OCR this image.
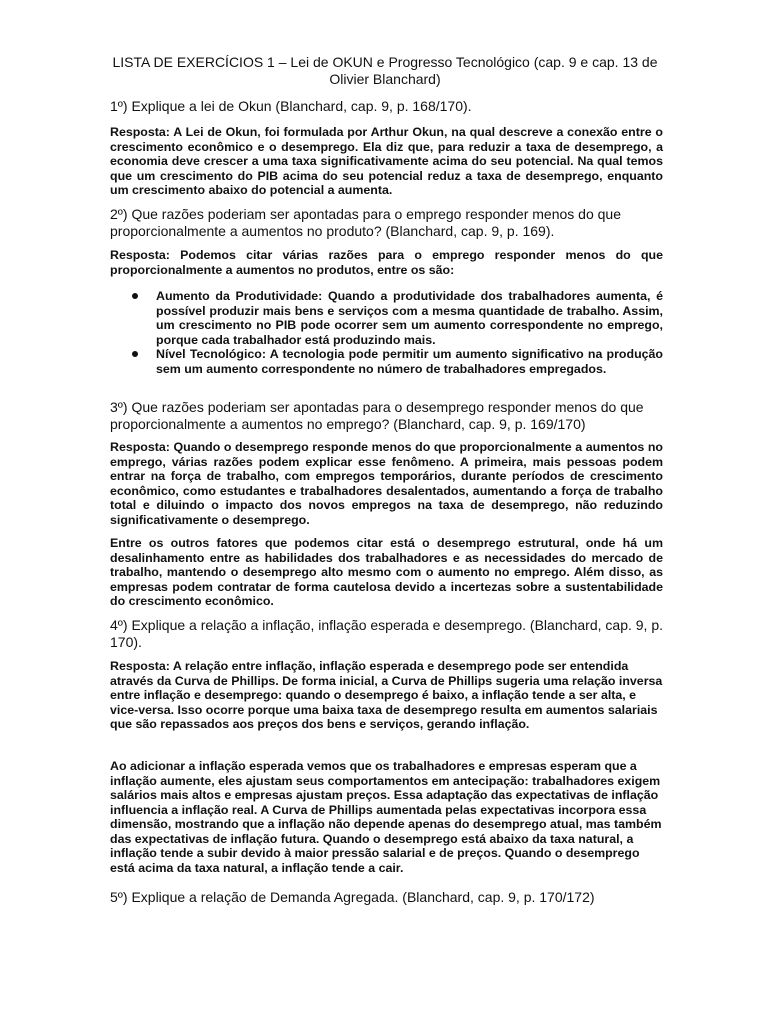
LISTA DE EXERCÍCIOS 1 – Lei de OKUN e Progresso Tecnológico (cap. 9 e cap. 13 de Olivier Blanchard)
1º) Explique a lei de Okun (Blanchard, cap. 9, p. 168/170).
Resposta: A Lei de Okun, foi formulada por Arthur Okun, na qual descreve a conexão entre o crescimento econômico e o desemprego. Ela diz que, para reduzir a taxa de desemprego, a economia deve crescer a uma taxa significativamente acima do seu potencial. Na qual temos que um crescimento do PIB acima do seu potencial reduz a taxa de desemprego, enquanto um crescimento abaixo do potencial a aumenta.
2º) Que razões poderiam ser apontadas para o emprego responder menos do que proporcionalmente a aumentos no produto? (Blanchard, cap. 9, p. 169).
Resposta: Podemos citar várias razões para o emprego responder menos do que proporcionalmente a aumentos no produtos, entre os são:
Aumento da Produtividade: Quando a produtividade dos trabalhadores aumenta, é possível produzir mais bens e serviços com a mesma quantidade de trabalho. Assim, um crescimento no PIB pode ocorrer sem um aumento correspondente no emprego, porque cada trabalhador está produzindo mais.
Nível Tecnológico: A tecnologia pode permitir um aumento significativo na produção sem um aumento correspondente no número de trabalhadores empregados.
3º) Que razões poderiam ser apontadas para o desemprego responder menos do que proporcionalmente a aumentos no emprego? (Blanchard, cap. 9, p. 169/170)
Resposta: Quando o desemprego responde menos do que proporcionalmente a aumentos no emprego, várias razões podem explicar esse fenômeno. A primeira, mais pessoas podem entrar na força de trabalho, com empregos temporários, durante períodos de crescimento econômico, como estudantes e trabalhadores desalentados, aumentando a força de trabalho total e diluindo o impacto dos novos empregos na taxa de desemprego, não reduzindo significativamente o desemprego.
Entre os outros fatores que podemos citar está o desemprego estrutural, onde há um desalinhamento entre as habilidades dos trabalhadores e as necessidades do mercado de trabalho, mantendo o desemprego alto mesmo com o aumento no emprego. Além disso, as empresas podem contratar de forma cautelosa devido a incertezas sobre a sustentabilidade do crescimento econômico.
4º) Explique a relação a inflação, inflação esperada e desemprego. (Blanchard, cap. 9, p. 170).
Resposta: A relação entre inflação, inflação esperada e desemprego pode ser entendida através da Curva de Phillips. De forma inicial, a Curva de Phillips sugeria uma relação inversa entre inflação e desemprego: quando o desemprego é baixo, a inflação tende a ser alta, e vice-versa. Isso ocorre porque uma baixa taxa de desemprego resulta em aumentos salariais que são repassados aos preços dos bens e serviços, gerando inflação.
Ao adicionar a inflação esperada vemos que os trabalhadores e empresas esperam que a inflação aumente, eles ajustam seus comportamentos em antecipação: trabalhadores exigem salários mais altos e empresas ajustam preços. Essa adaptação das expectativas de inflação influencia a inflação real. A Curva de Phillips aumentada pelas expectativas incorpora essa dimensão, mostrando que a inflação não depende apenas do desemprego atual, mas também das expectativas de inflação futura. Quando o desemprego está abaixo da taxa natural, a inflação tende a subir devido à maior pressão salarial e de preços. Quando o desemprego está acima da taxa natural, a inflação tende a cair.
5º) Explique a relação de Demanda Agregada. (Blanchard, cap. 9, p. 170/172)
